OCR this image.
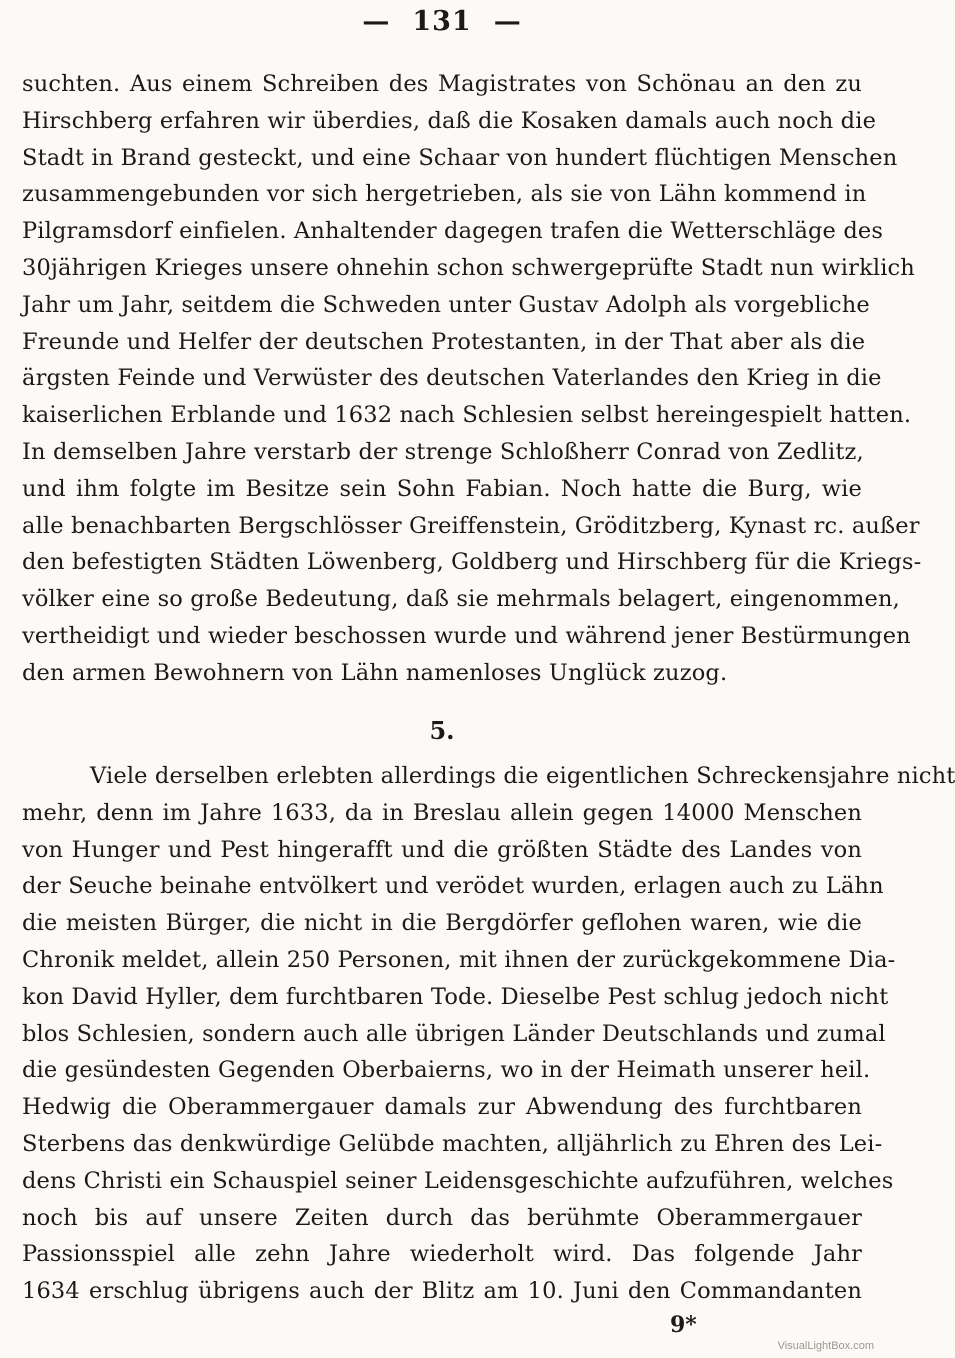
— 131 —
suchten. Aus einem Schreiben des Magistrates von Schönau an den zu
Hirschberg erfahren wir überdies, daß die Kosaken damals auch noch die
Stadt in Brand gesteckt, und eine Schaar von hundert flüchtigen Menschen
zusammengebunden vor sich hergetrieben, als sie von Lähn kommend in
Pilgramsdorf einfielen. Anhaltender dagegen trafen die Wetterschläge des
30jährigen Krieges unsere ohnehin schon schwergeprüfte Stadt nun wirklich
Jahr um Jahr, seitdem die Schweden unter Gustav Adolph als vorgebliche
Freunde und Helfer der deutschen Protestanten, in der That aber als die
ärgsten Feinde und Verwüster des deutschen Vaterlandes den Krieg in die
kaiserlichen Erblande und 1632 nach Schlesien selbst hereingespielt hatten.
In demselben Jahre verstarb der strenge Schloßherr Conrad von Zedlitz,
und ihm folgte im Besitze sein Sohn Fabian. Noch hatte die Burg, wie
alle benachbarten Bergschlösser Greiffenstein, Gröditzberg, Kynast rc. außer
den befestigten Städten Löwenberg, Goldberg und Hirschberg für die Kriegs-
völker eine so große Bedeutung, daß sie mehrmals belagert, eingenommen,
vertheidigt und wieder beschossen wurde und während jener Bestürmungen
den armen Bewohnern von Lähn namenloses Unglück zuzog.
5.
Viele derselben erlebten allerdings die eigentlichen Schreckensjahre nicht
mehr, denn im Jahre 1633, da in Breslau allein gegen 14000 Menschen
von Hunger und Pest hingerafft und die größten Städte des Landes von
der Seuche beinahe entvölkert und verödet wurden, erlagen auch zu Lähn
die meisten Bürger, die nicht in die Bergdörfer geflohen waren, wie die
Chronik meldet, allein 250 Personen, mit ihnen der zurückgekommene Dia-
kon David Hyller, dem furchtbaren Tode. Dieselbe Pest schlug jedoch nicht
blos Schlesien, sondern auch alle übrigen Länder Deutschlands und zumal
die gesündesten Gegenden Oberbaierns, wo in der Heimath unserer heil.
Hedwig die Oberammergauer damals zur Abwendung des furchtbaren
Sterbens das denkwürdige Gelübde machten, alljährlich zu Ehren des Lei-
dens Christi ein Schauspiel seiner Leidensgeschichte aufzuführen, welches
noch bis auf unsere Zeiten durch das berühmte Oberammergauer
Passionsspiel alle zehn Jahre wiederholt wird. Das folgende Jahr
1634 erschlug übrigens auch der Blitz am 10. Juni den Commandanten
9*
VisualLightBox.com
